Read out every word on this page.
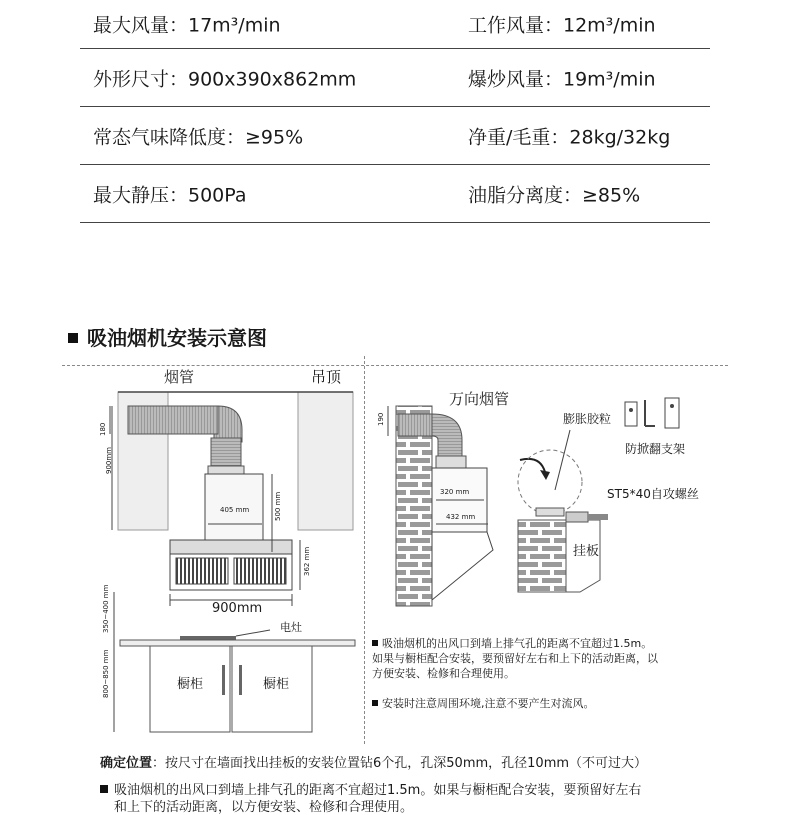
最大风量：17m³/min	工作风量：12m³/min
外形尺寸：900x390x862mm	爆炒风量：19m³/min
常态气味降低度：≥95%	净重/毛重：28kg/32kg
最大静压：500Pa	油脂分离度：≥85%
吸油烟机安装示意图
烟管	吊顶
180
900mm
405 mm	500 mm
362 mm
900mm
350~400 mm
800~850 mm
电灶
橱柜	橱柜
万向烟管
190
320 mm
432 mm
膨胀胶粒
防掀翻支架
ST5*40自攻螺丝
挂板
吸油烟机的出风口到墙上排气孔的距离不宜超过1.5m。如果与橱柜配合安装，要预留好左右和上下的活动距离，以方便安装、检修和合理使用。
安装时注意周围环境,注意不要产生对流风。
确定位置：按尺寸在墙面找出挂板的安装位置钻6个孔，孔深50mm，孔径10mm（不可过大）
吸油烟机的出风口到墙上排气孔的距离不宜超过1.5m。如果与橱柜配合安装，要预留好左右
和上下的活动距离，以方便安装、检修和合理使用。
